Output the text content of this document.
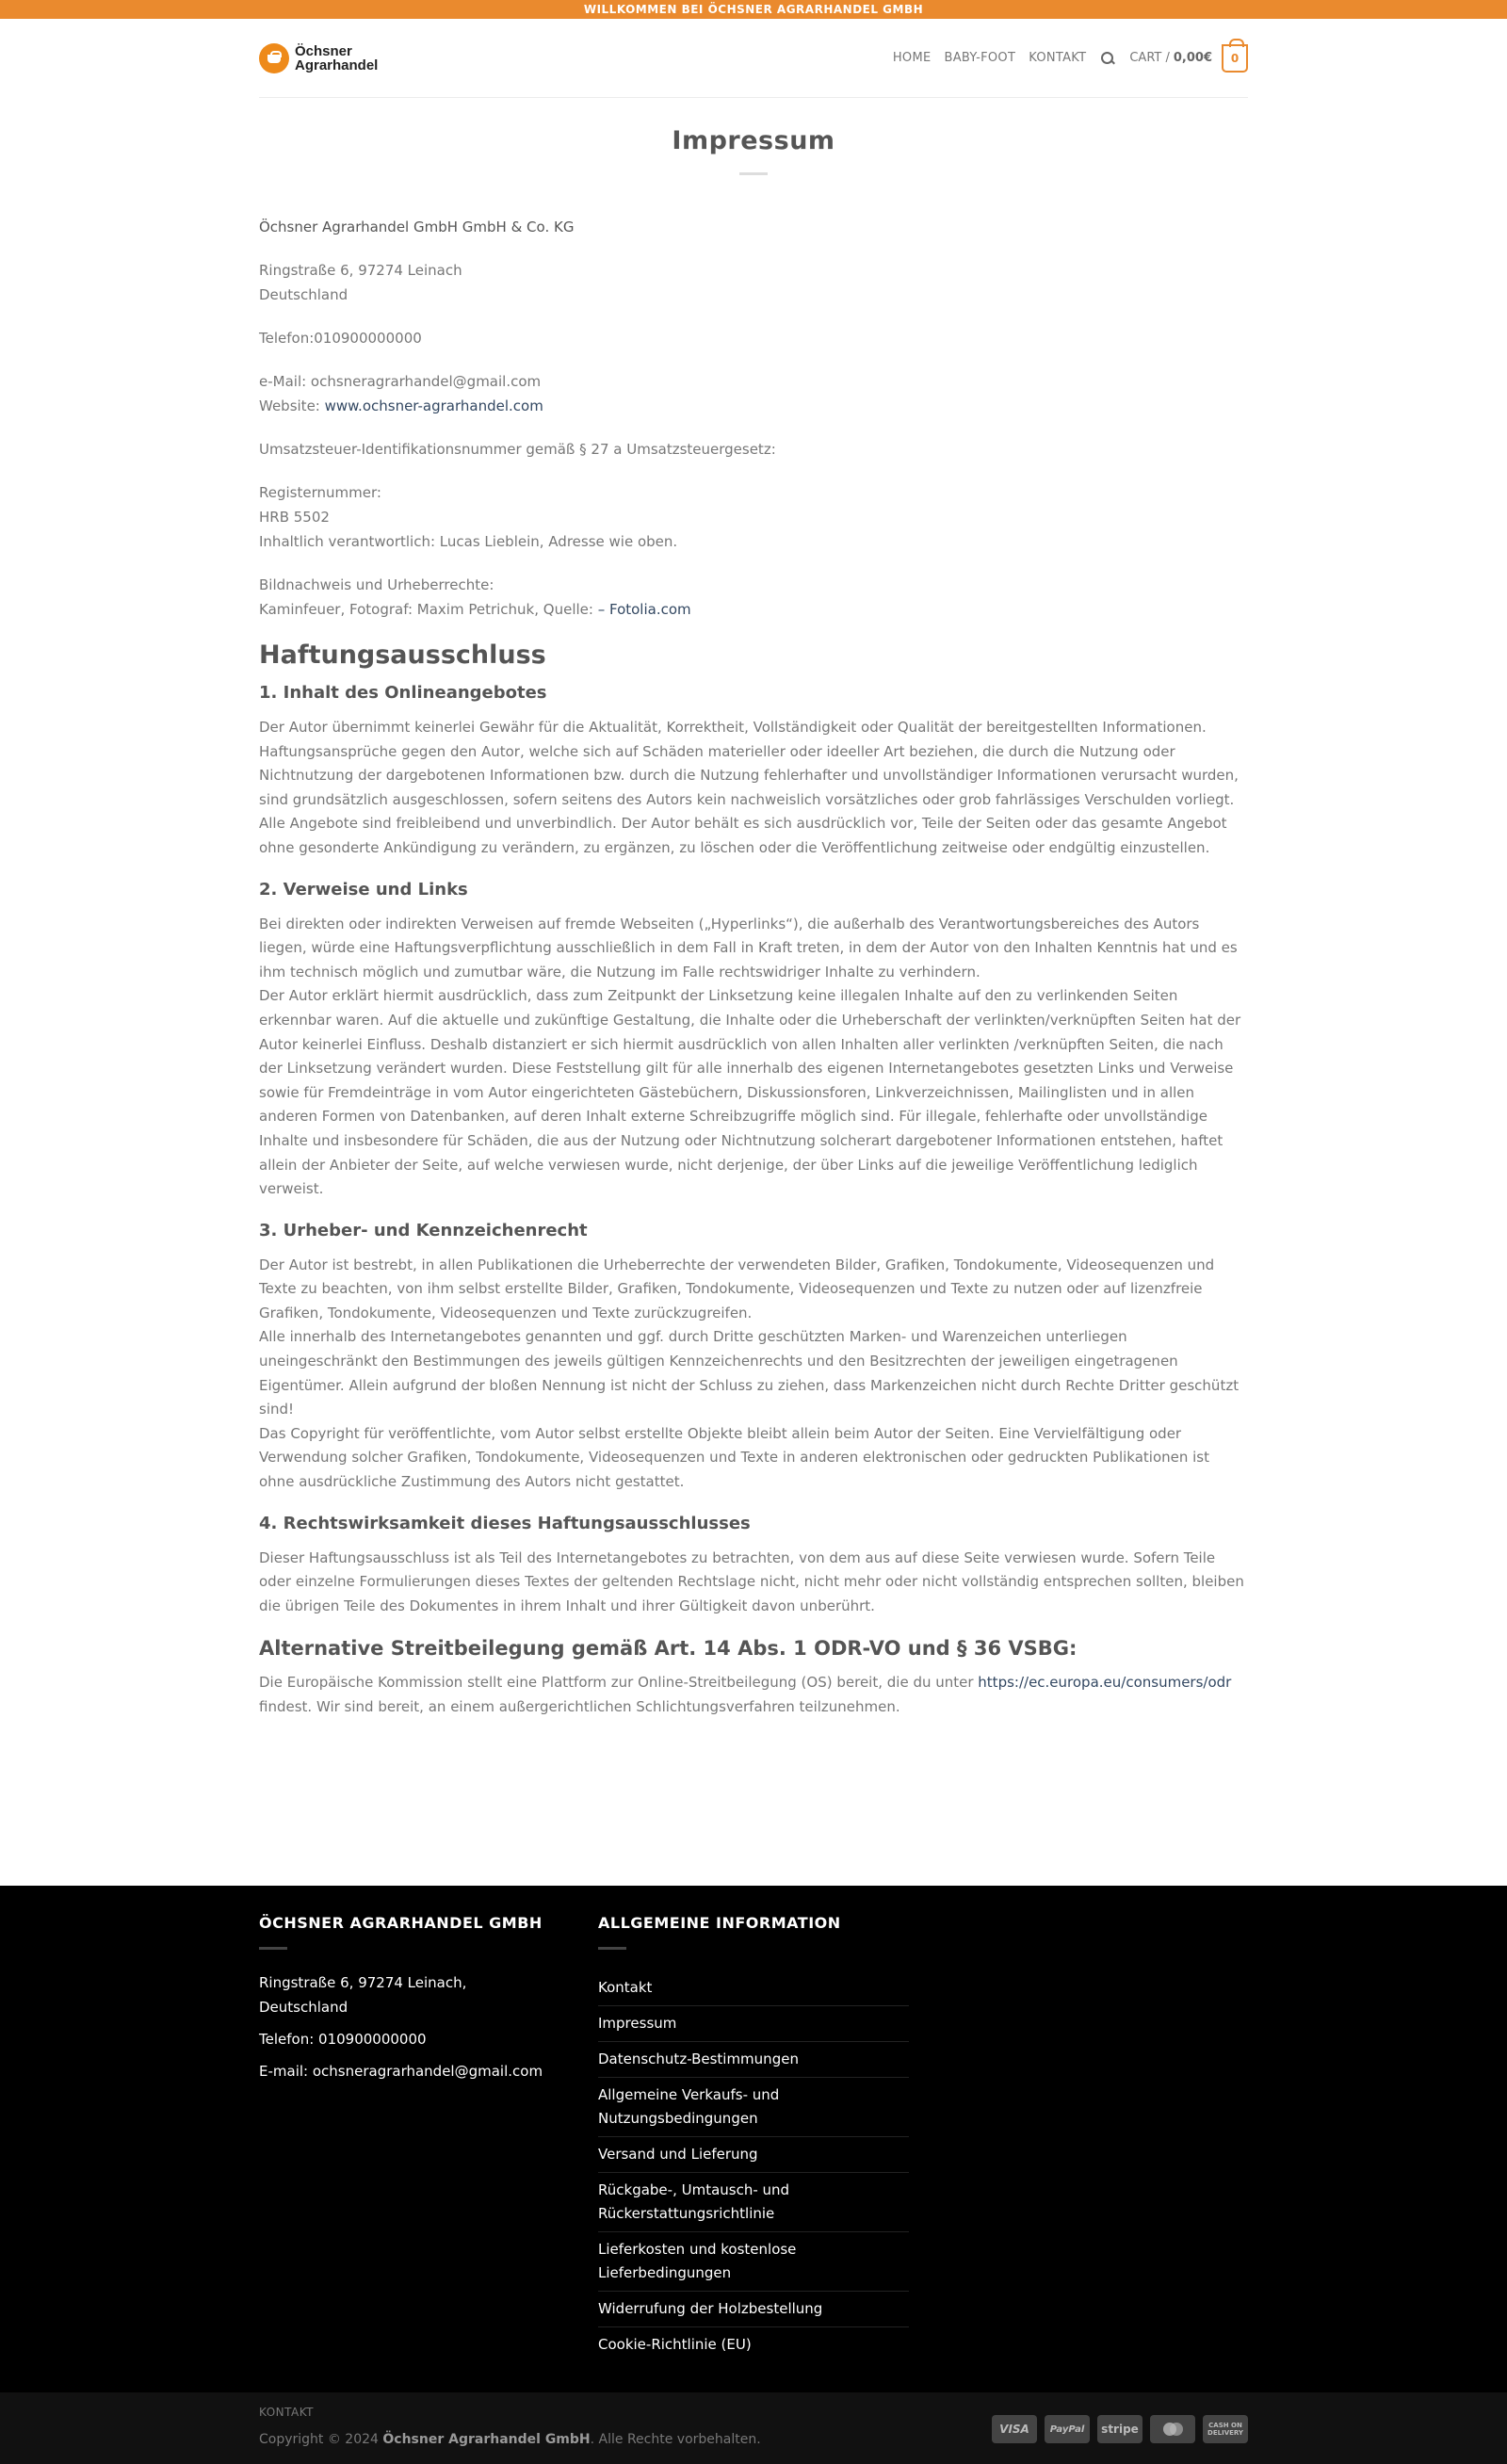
WILLKOMMEN BEI ÖCHSNER AGRARHANDEL GMBH
Öchsner
Agrarhandel	HOME BABY-FOOT KONTAKT	CART / 0,00€ 0
Impressum

Öchsner Agrarhandel GmbH GmbH & Co. KG

Ringstraße 6, 97274 Leinach
Deutschland

Telefon:010900000000

e-Mail: ochsneragrarhandel@gmail.com
Website: www.ochsner-agrarhandel.com

Umsatzsteuer-Identifikationsnummer gemäß § 27 a Umsatzsteuergesetz:

Registernummer:
HRB 5502
Inhaltlich verantwortlich: Lucas Lieblein, Adresse wie oben.

Bildnachweis und Urheberrechte:
Kaminfeuer, Fotograf: Maxim Petrichuk, Quelle: – Fotolia.com

Haftungsausschluss
1. Inhalt des Onlineangebotes

Der Autor übernimmt keinerlei Gewähr für die Aktualität, Korrektheit, Vollständigkeit oder Qualität der bereitgestellten Informationen. Haftungsansprüche gegen den Autor, welche sich auf Schäden materieller oder ideeller Art beziehen, die durch die Nutzung oder Nichtnutzung der dargebotenen Informationen bzw. durch die Nutzung fehlerhafter und unvollständiger Informationen verursacht wurden, sind grundsätzlich ausgeschlossen, sofern seitens des Autors kein nachweislich vorsätzliches oder grob fahrlässiges Verschulden vorliegt.
Alle Angebote sind freibleibend und unverbindlich. Der Autor behält es sich ausdrücklich vor, Teile der Seiten oder das gesamte Angebot ohne gesonderte Ankündigung zu verändern, zu ergänzen, zu löschen oder die Veröffentlichung zeitweise oder endgültig einzustellen.

2. Verweise und Links

Bei direkten oder indirekten Verweisen auf fremde Webseiten („Hyperlinks“), die außerhalb des Verantwortungsbereiches des Autors liegen, würde eine Haftungsverpflichtung ausschließlich in dem Fall in Kraft treten, in dem der Autor von den Inhalten Kenntnis hat und es ihm technisch möglich und zumutbar wäre, die Nutzung im Falle rechtswidriger Inhalte zu verhindern.
Der Autor erklärt hiermit ausdrücklich, dass zum Zeitpunkt der Linksetzung keine illegalen Inhalte auf den zu verlinkenden Seiten erkennbar waren. Auf die aktuelle und zukünftige Gestaltung, die Inhalte oder die Urheberschaft der verlinkten/verknüpften Seiten hat der Autor keinerlei Einfluss. Deshalb distanziert er sich hiermit ausdrücklich von allen Inhalten aller verlinkten /verknüpften Seiten, die nach der Linksetzung verändert wurden. Diese Feststellung gilt für alle innerhalb des eigenen Internetangebotes gesetzten Links und Verweise sowie für Fremdeinträge in vom Autor eingerichteten Gästebüchern, Diskussionsforen, Linkverzeichnissen, Mailinglisten und in allen anderen Formen von Datenbanken, auf deren Inhalt externe Schreibzugriffe möglich sind. Für illegale, fehlerhafte oder unvollständige Inhalte und insbesondere für Schäden, die aus der Nutzung oder Nichtnutzung solcherart dargebotener Informationen entstehen, haftet allein der Anbieter der Seite, auf welche verwiesen wurde, nicht derjenige, der über Links auf die jeweilige Veröffentlichung lediglich verweist.

3. Urheber- und Kennzeichenrecht

Der Autor ist bestrebt, in allen Publikationen die Urheberrechte der verwendeten Bilder, Grafiken, Tondokumente, Videosequenzen und Texte zu beachten, von ihm selbst erstellte Bilder, Grafiken, Tondokumente, Videosequenzen und Texte zu nutzen oder auf lizenzfreie Grafiken, Tondokumente, Videosequenzen und Texte zurückzugreifen.
Alle innerhalb des Internetangebotes genannten und ggf. durch Dritte geschützten Marken- und Warenzeichen unterliegen uneingeschränkt den Bestimmungen des jeweils gültigen Kennzeichenrechts und den Besitzrechten der jeweiligen eingetragenen Eigentümer. Allein aufgrund der bloßen Nennung ist nicht der Schluss zu ziehen, dass Markenzeichen nicht durch Rechte Dritter geschützt sind!
Das Copyright für veröffentlichte, vom Autor selbst erstellte Objekte bleibt allein beim Autor der Seiten. Eine Vervielfältigung oder Verwendung solcher Grafiken, Tondokumente, Videosequenzen und Texte in anderen elektronischen oder gedruckten Publikationen ist ohne ausdrückliche Zustimmung des Autors nicht gestattet.

4. Rechtswirksamkeit dieses Haftungsausschlusses

Dieser Haftungsausschluss ist als Teil des Internetangebotes zu betrachten, von dem aus auf diese Seite verwiesen wurde. Sofern Teile oder einzelne Formulierungen dieses Textes der geltenden Rechtslage nicht, nicht mehr oder nicht vollständig entsprechen sollten, bleiben die übrigen Teile des Dokumentes in ihrem Inhalt und ihrer Gültigkeit davon unberührt.

Alternative Streitbeilegung gemäß Art. 14 Abs. 1 ODR-VO und § 36 VSBG:

Die Europäische Kommission stellt eine Plattform zur Online-Streitbeilegung (OS) bereit, die du unter https://ec.europa.eu/consumers/odr findest. Wir sind bereit, an einem außergerichtlichen Schlichtungsverfahren teilzunehmen.

ÖCHSNER AGRARHANDEL GMBH

Ringstraße 6, 97274 Leinach,
Deutschland

Telefon: 010900000000

E-mail: ochsneragrarhandel@gmail.com

ALLGEMEINE INFORMATION
Kontakt
Impressum
Datenschutz-Bestimmungen
Allgemeine Verkaufs- und Nutzungsbedingungen
Versand und Lieferung
Rückgabe-, Umtausch- und Rückerstattungsrichtlinie
Lieferkosten und kostenlose Lieferbedingungen
Widerrufung der Holzbestellung
Cookie-Richtlinie (EU)
KONTAKT
Copyright © 2024 Öchsner Agrarhandel GmbH. Alle Rechte vorbehalten.
VISA	PayPal	stripe	CASH ON DELIVERY
